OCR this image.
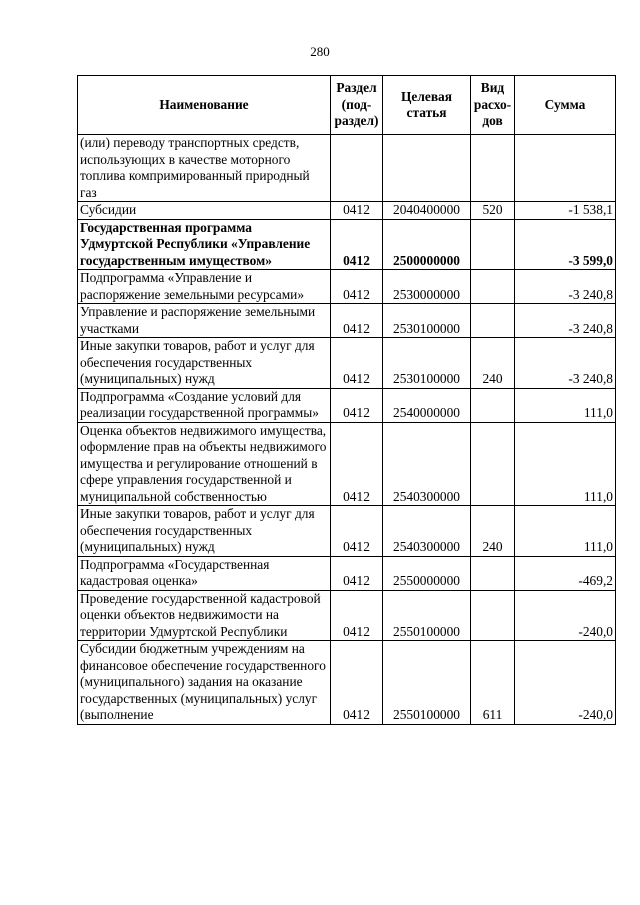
280
Наименование	Раздел (под-раздел)	Целевая статья	Вид расхо-дов	Сумма
(или) переводу транспортных средств, использующих в качестве моторного топлива компримированный природный газ				
Субсидии	0412	2040400000	520	-1 538,1
Государственная программа Удмуртской Республики «Управление государственным имуществом»	0412	2500000000		-3 599,0
Подпрограмма «Управление и распоряжение земельными ресурсами»	0412	2530000000		-3 240,8
Управление и распоряжение земельными участками	0412	2530100000		-3 240,8
Иные закупки товаров, работ и услуг для обеспечения государственных (муниципальных) нужд	0412	2530100000	240	-3 240,8
Подпрограмма «Создание условий для реализации государственной программы»	0412	2540000000		111,0
Оценка объектов недвижимого имущества, оформление прав на объекты недвижимого имущества и регулирование отношений в сфере управления государственной и муниципальной собственностью	0412	2540300000		111,0
Иные закупки товаров, работ и услуг для обеспечения государственных (муниципальных) нужд	0412	2540300000	240	111,0
Подпрограмма «Государственная кадастровая оценка»	0412	2550000000		-469,2
Проведение государственной кадастровой оценки объектов недвижимости на территории Удмуртской Республики	0412	2550100000		-240,0
Субсидии бюджетным учреждениям на финансовое обеспечение государственного (муниципального) задания на оказание государственных (муниципальных) услуг (выполнение	0412	2550100000	611	-240,0
